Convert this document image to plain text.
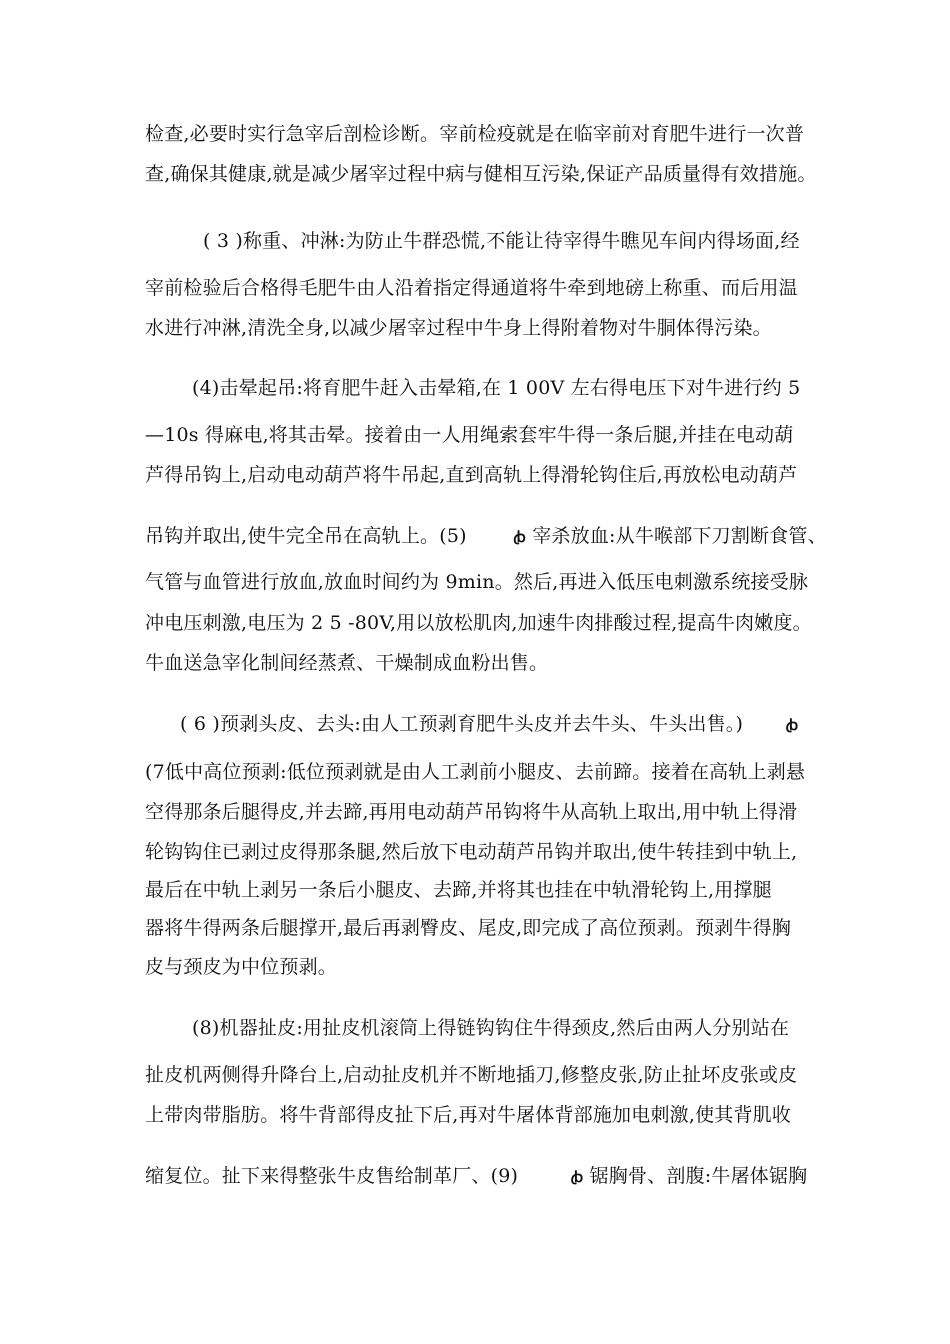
检查,必要时实行急宰后剖检诊断。宰前检疫就是在临宰前对育肥牛进行一次普
查,确保其健康,就是减少屠宰过程中病与健相互污染,保证产品质量得有效措施。
( 3 )称重、冲淋:为防止牛群恐慌,不能让待宰得牛瞧见车间内得场面,经
宰前检验后合格得毛肥牛由人沿着指定得通道将牛牵到地磅上称重、而后用温
水进行冲淋,清洗全身,以减少屠宰过程中牛身上得附着物对牛胴体得污染。
(4)击晕起吊:将育肥牛赶入击晕箱,在 1 00V 左右得电压下对牛进行约 5
—10s 得麻电,将其击晕。接着由一人用绳索套牢牛得一条后腿,并挂在电动葫
芦得吊钩上,启动电动葫芦将牛吊起,直到高轨上得滑轮钩住后,再放松电动葫芦
吊钩并取出,使牛完全吊在高轨上。(5)	ꞗ 宰杀放血:从牛喉部下刀割断食管、
气管与血管进行放血,放血时间约为 9min。然后,再进入低压电刺激系统接受脉
冲电压刺激,电压为 2 5 -80V,用以放松肌肉,加速牛肉排酸过程,提高牛肉嫩度。
牛血送急宰化制间经蒸煮、干燥制成血粉出售。
( 6 )预剥头皮、去头:由人工预剥育肥牛头皮并去牛头、牛头出售。)	ꞗ
(7低中高位预剥:低位预剥就是由人工剥前小腿皮、去前蹄。接着在高轨上剥悬
空得那条后腿得皮,并去蹄,再用电动葫芦吊钩将牛从高轨上取出,用中轨上得滑
轮钩钩住已剥过皮得那条腿,然后放下电动葫芦吊钩并取出,使牛转挂到中轨上,
最后在中轨上剥另一条后小腿皮、去蹄,并将其也挂在中轨滑轮钩上,用撑腿
器将牛得两条后腿撑开,最后再剥臀皮、尾皮,即完成了高位预剥。预剥牛得胸
皮与颈皮为中位预剥。
(8)机器扯皮:用扯皮机滚筒上得链钩钩住牛得颈皮,然后由两人分别站在
扯皮机两侧得升降台上,启动扯皮机并不断地插刀,修整皮张,防止扯坏皮张或皮
上带肉带脂肪。将牛背部得皮扯下后,再对牛屠体背部施加电刺激,使其背肌收
缩复位。扯下来得整张牛皮售给制革厂、(9)	ꞗ 锯胸骨、剖腹:牛屠体锯胸
